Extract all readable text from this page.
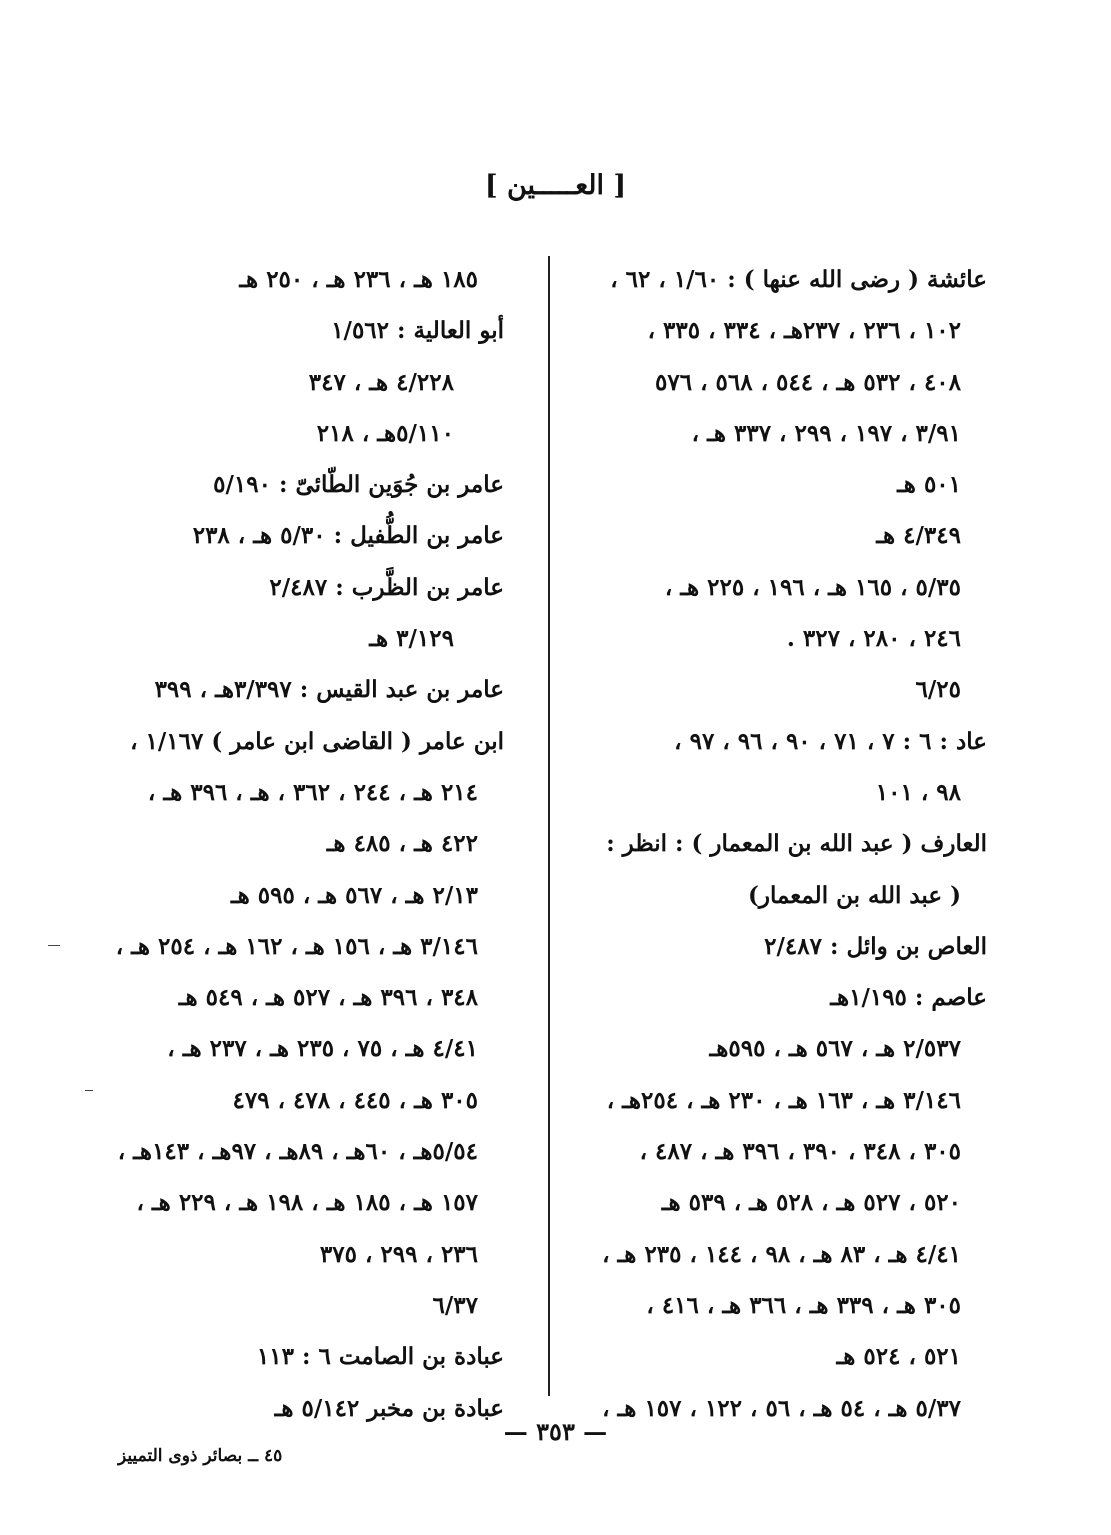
[ العـــــين ]
عائشة ( رضى الله عنها ) : ١/٦٠ ، ٦٢ ،
١٠٢ ، ٢٣٦ ، ٢٣٧هـ ، ٣٣٤ ، ٣٣٥ ،
٤٠٨ ، ٥٣٢ هـ ، ٥٤٤ ، ٥٦٨ ، ٥٧٦
٣/٩١ ، ١٩٧ ، ٢٩٩ ، ٣٣٧ هـ ،
٥٠١ هـ
٤/٣٤٩ هـ
٥/٣٥ ، ١٦٥ هـ ، ١٩٦ ، ٢٢٥ هـ ،
٢٤٦ ، ٢٨٠ ، ٣٢٧ .
٦/٢٥
عاد : ٦ : ٧ ، ٧١ ، ٩٠ ، ٩٦ ، ٩٧ ،
٩٨ ، ١٠١
العارف ( عبد الله بن المعمار ) : انظر :
( عبد الله بن المعمار)
العاص بن وائل : ٢/٤٨٧
عاصم : ١/١٩٥هـ
٢/٥٣٧ هـ ، ٥٦٧ هـ ، ٥٩٥هـ
٣/١٤٦ هـ ، ١٦٣ هـ ، ٢٣٠ هـ ، ٢٥٤هـ ،
٣٠٥ ، ٣٤٨ ، ٣٩٠ ، ٣٩٦ هـ ، ٤٨٧ ،
٥٢٠ ، ٥٢٧ هـ ، ٥٢٨ هـ ، ٥٣٩ هـ
٤/٤١ هـ ، ٨٣ هـ ، ٩٨ ، ١٤٤ ، ٢٣٥ هـ ،
٣٠٥ هـ ، ٣٣٩ هـ ، ٣٦٦ هـ ، ٤١٦ ،
٥٢١ ، ٥٢٤ هـ
٥/٣٧ هـ ، ٥٤ هـ ، ٥٦ ، ١٢٢ ، ١٥٧ هـ ،
١٨٥ هـ ، ٢٣٦ هـ ، ٢٥٠ هـ
أبو العالية : ١/٥٦٢
٤/٢٢٨ هـ ، ٣٤٧
٥/١١٠هـ ، ٢١٨
عامر بن جُوَين الطّائىّ : ٥/١٩٠
عامر بن الطُّفيل : ٥/٣٠ هـ ، ٢٣٨
عامر بن الظَّرب : ٢/٤٨٧
٣/١٢٩ هـ
عامر بن عبد القيس : ٣/٣٩٧هـ ، ٣٩٩
ابن عامر ( القاضى ابن عامر ) ١/١٦٧ ،
٢١٤ هـ ، ٢٤٤ ، ٣٦٢ ، هـ ، ٣٩٦ هـ ،
٤٢٢ هـ ، ٤٨٥ هـ
٢/١٣ هـ ، ٥٦٧ هـ ، ٥٩٥ هـ
٣/١٤٦ هـ ، ١٥٦ هـ ، ١٦٢ هـ ، ٢٥٤ هـ ،
٣٤٨ ، ٣٩٦ هـ ، ٥٢٧ هـ ، ٥٤٩ هـ
٤/٤١ هـ ، ٧٥ ، ٢٣٥ هـ ، ٢٣٧ هـ ،
٣٠٥ هـ ، ٤٤٥ ، ٤٧٨ ، ٤٧٩
٥/٥٤هـ ، ٦٠هـ ، ٨٩هـ ، ٩٧هـ ، ١٤٣هـ ،
١٥٧ هـ ، ١٨٥ هـ ، ١٩٨ هـ ، ٢٢٩ هـ ،
٢٣٦ ، ٢٩٩ ، ٣٧٥
٦/٣٧
عبادة بن الصامت ٦ : ١١٣
عبادة بن مخبر ٥/١٤٢ هـ
— ٣٥٣ —
٤٥ ــ بصائر ذوى التمييز
